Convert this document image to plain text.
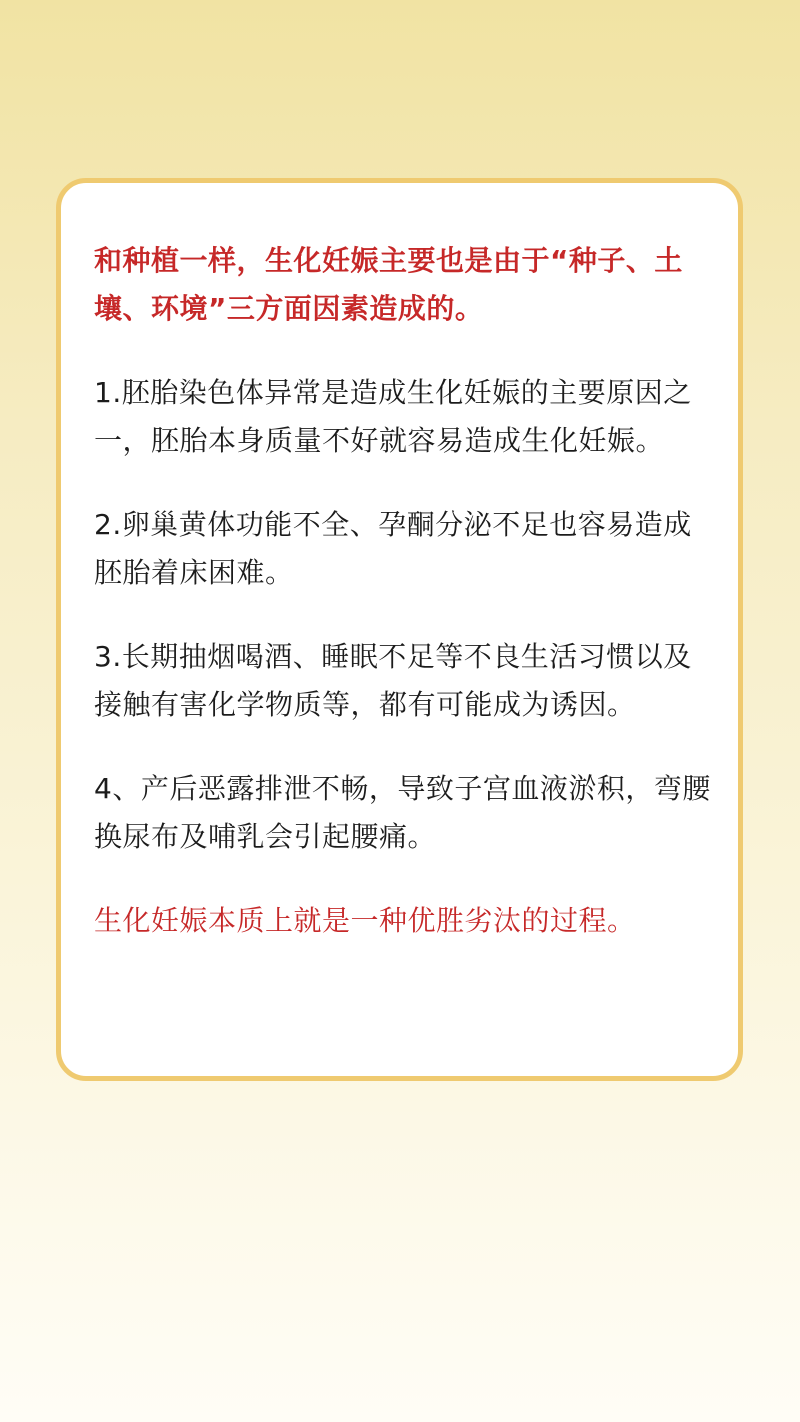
和种植一样，生化妊娠主要也是由于“种子、土壤、环境”三方面因素造成的。

1.胚胎染色体异常是造成生化妊娠的主要原因之一，胚胎本身质量不好就容易造成生化妊娠。

2.卵巢黄体功能不全、孕酮分泌不足也容易造成胚胎着床困难。

3.长期抽烟喝酒、睡眠不足等不良生活习惯以及接触有害化学物质等，都有可能成为诱因。

4、产后恶露排泄不畅，导致子宫血液淤积，弯腰换尿布及哺乳会引起腰痛。

生化妊娠本质上就是一种优胜劣汰的过程。
